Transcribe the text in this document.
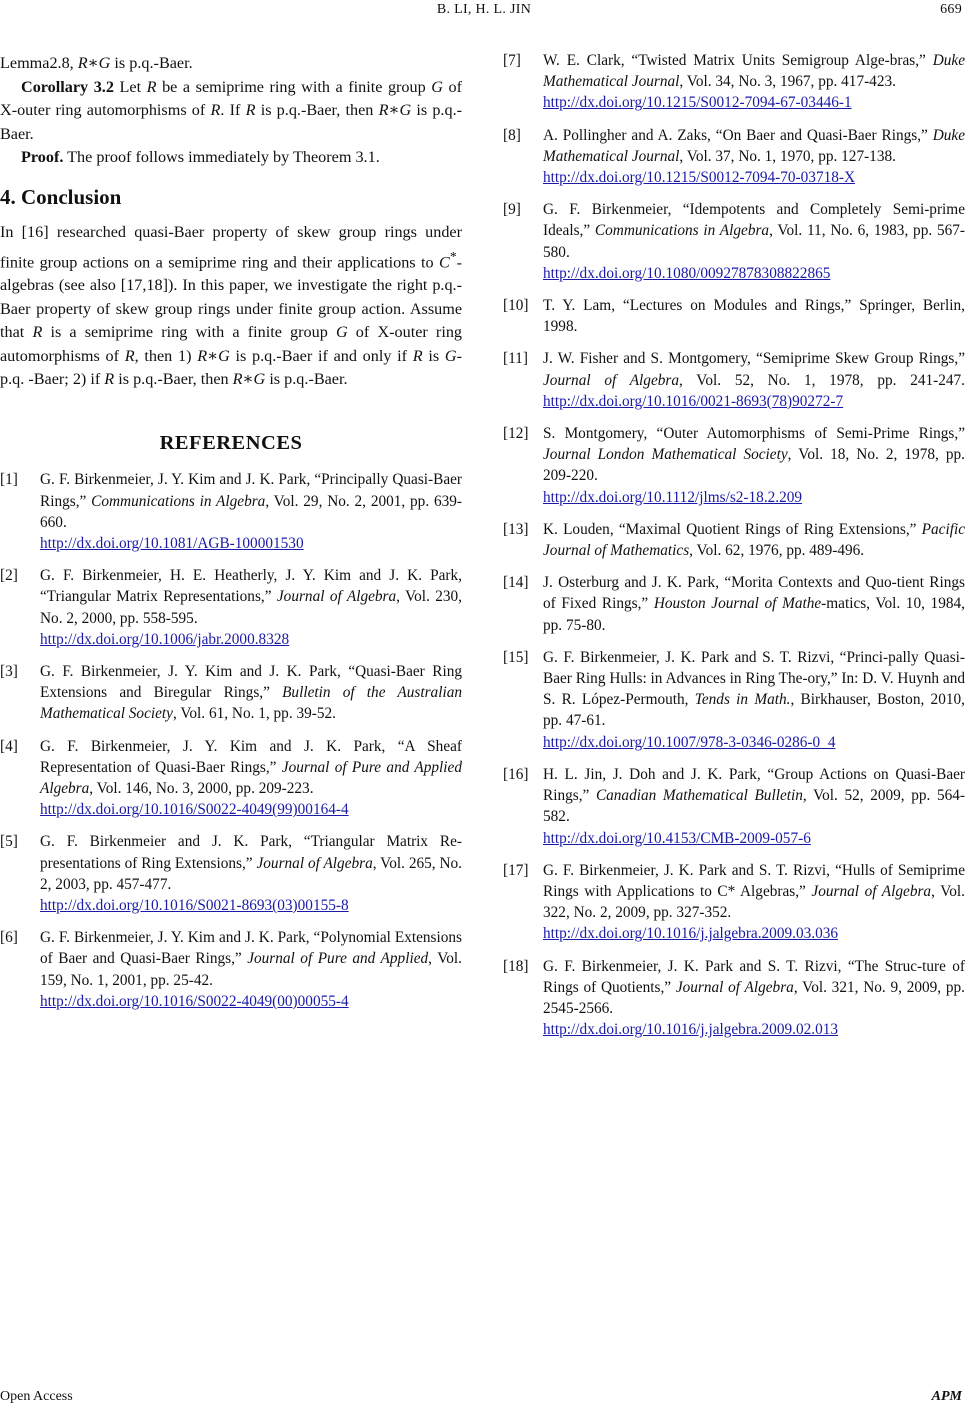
B. LI, H. L. JIN	669

Lemma2.8, R∗G is p.q.-Baer.

Corollary 3.2 Let R be a semiprime ring with a finite group G of X-outer ring automorphisms of R. If R is p.q.-Baer, then R∗G is p.q.-Baer.

Proof. The proof follows immediately by Theorem 3.1.

4. Conclusion

In [16] researched quasi-Baer property of skew group rings under finite group actions on a semiprime ring and their applications to C*-algebras (see also [17,18]). In this paper, we investigate the right p.q.-Baer property of skew group rings under finite group action. Assume that R is a semiprime ring with a finite group G of X-outer ring automorphisms of R, then 1) R∗G is p.q.-Baer if and only if R is G-p.q. -Baer; 2) if R is p.q.-Baer, then R∗G is p.q.-Baer.

REFERENCES
[1]	G. F. Birkenmeier, J. Y. Kim and J. K. Park, “Principally Quasi-Baer Rings,” Communications in Algebra, Vol. 29, No. 2, 2001, pp. 639-660.
http://dx.doi.org/10.1081/AGB-100001530
[2]	G. F. Birkenmeier, H. E. Heatherly, J. Y. Kim and J. K. Park, “Triangular Matrix Representations,” Journal of Algebra, Vol. 230, No. 2, 2000, pp. 558-595.
http://dx.doi.org/10.1006/jabr.2000.8328
[3]	G. F. Birkenmeier, J. Y. Kim and J. K. Park, “Quasi-Baer Ring Extensions and Biregular Rings,” Bulletin of the Australian Mathematical Society, Vol. 61, No. 1, pp. 39-52.
[4]	G. F. Birkenmeier, J. Y. Kim and J. K. Park, “A Sheaf Representation of Quasi-Baer Rings,” Journal of Pure and Applied Algebra, Vol. 146, No. 3, 2000, pp. 209-223.
http://dx.doi.org/10.1016/S0022-4049(99)00164-4
[5]	G. F. Birkenmeier and J. K. Park, “Triangular Matrix Re-presentations of Ring Extensions,” Journal of Algebra, Vol. 265, No. 2, 2003, pp. 457-477.
http://dx.doi.org/10.1016/S0021-8693(03)00155-8
[6]	G. F. Birkenmeier, J. Y. Kim and J. K. Park, “Polynomial Extensions of Baer and Quasi-Baer Rings,” Journal of Pure and Applied, Vol. 159, No. 1, 2001, pp. 25-42.
http://dx.doi.org/10.1016/S0022-4049(00)00055-4
[7]	W. E. Clark, “Twisted Matrix Units Semigroup Alge-bras,” Duke Mathematical Journal, Vol. 34, No. 3, 1967, pp. 417-423.
http://dx.doi.org/10.1215/S0012-7094-67-03446-1
[8]	A. Pollingher and A. Zaks, “On Baer and Quasi-Baer Rings,” Duke Mathematical Journal, Vol. 37, No. 1, 1970, pp. 127-138.
http://dx.doi.org/10.1215/S0012-7094-70-03718-X
[9]	G. F. Birkenmeier, “Idempotents and Completely Semi-prime Ideals,” Communications in Algebra, Vol. 11, No. 6, 1983, pp. 567-580.
http://dx.doi.org/10.1080/00927878308822865
[10] T. Y. Lam, “Lectures on Modules and Rings,” Springer, Berlin, 1998.
[11] J. W. Fisher and S. Montgomery, “Semiprime Skew Group Rings,” Journal of Algebra, Vol. 52, No. 1, 1978, pp. 241-247. http://dx.doi.org/10.1016/0021-8693(78)90272-7
[12] S. Montgomery, “Outer Automorphisms of Semi-Prime Rings,” Journal London Mathematical Society, Vol. 18, No. 2, 1978, pp. 209-220.
http://dx.doi.org/10.1112/jlms/s2-18.2.209
[13] K. Louden, “Maximal Quotient Rings of Ring Extensions,” Pacific Journal of Mathematics, Vol. 62, 1976, pp. 489-496.
[14] J. Osterburg and J. K. Park, “Morita Contexts and Quo-tient Rings of Fixed Rings,” Houston Journal of Mathe-matics, Vol. 10, 1984, pp. 75-80.
[15] G. F. Birkenmeier, J. K. Park and S. T. Rizvi, “Princi-pally Quasi-Baer Ring Hulls: in Advances in Ring The-ory,” In: D. V. Huynh and S. R. López-Permouth, Tends in Math., Birkhauser, Boston, 2010, pp. 47-61.
http://dx.doi.org/10.1007/978-3-0346-0286-0_4
[16] H. L. Jin, J. Doh and J. K. Park, “Group Actions on Quasi-Baer Rings,” Canadian Mathematical Bulletin, Vol. 52, 2009, pp. 564-582.
http://dx.doi.org/10.4153/CMB-2009-057-6
[17] G. F. Birkenmeier, J. K. Park and S. T. Rizvi, “Hulls of Semiprime Rings with Applications to C* Algebras,” Journal of Algebra, Vol. 322, No. 2, 2009, pp. 327-352.
http://dx.doi.org/10.1016/j.jalgebra.2009.03.036
[18] G. F. Birkenmeier, J. K. Park and S. T. Rizvi, “The Struc-ture of Rings of Quotients,” Journal of Algebra, Vol. 321, No. 9, 2009, pp. 2545-2566.
http://dx.doi.org/10.1016/j.jalgebra.2009.02.013
Open Access	APM
